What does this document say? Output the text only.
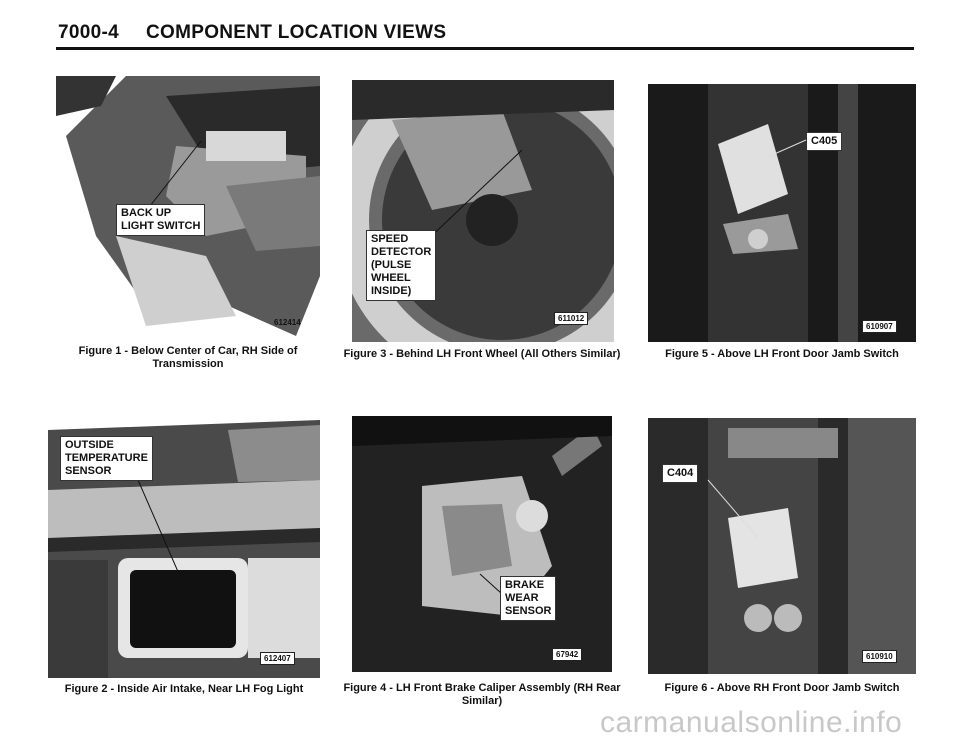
7000-4 COMPONENT LOCATION VIEWS
BACK UP
LIGHT SWITCH
612414
Figure 1 - Below Center of Car, RH Side of Transmission
OUTSIDE
TEMPERATURE
SENSOR
612407
Figure 2 - Inside Air Intake, Near LH Fog Light
SPEED
DETECTOR
(PULSE
WHEEL
INSIDE)
611012
Figure 3 - Behind LH Front Wheel (All Others Similar)
BRAKE
WEAR
SENSOR
67942
Figure 4 - LH Front Brake Caliper Assembly (RH Rear Similar)
C405
610907
Figure 5 - Above LH Front Door Jamb Switch
C404
610910
Figure 6 - Above RH Front Door Jamb Switch
carmanualsonline.info
